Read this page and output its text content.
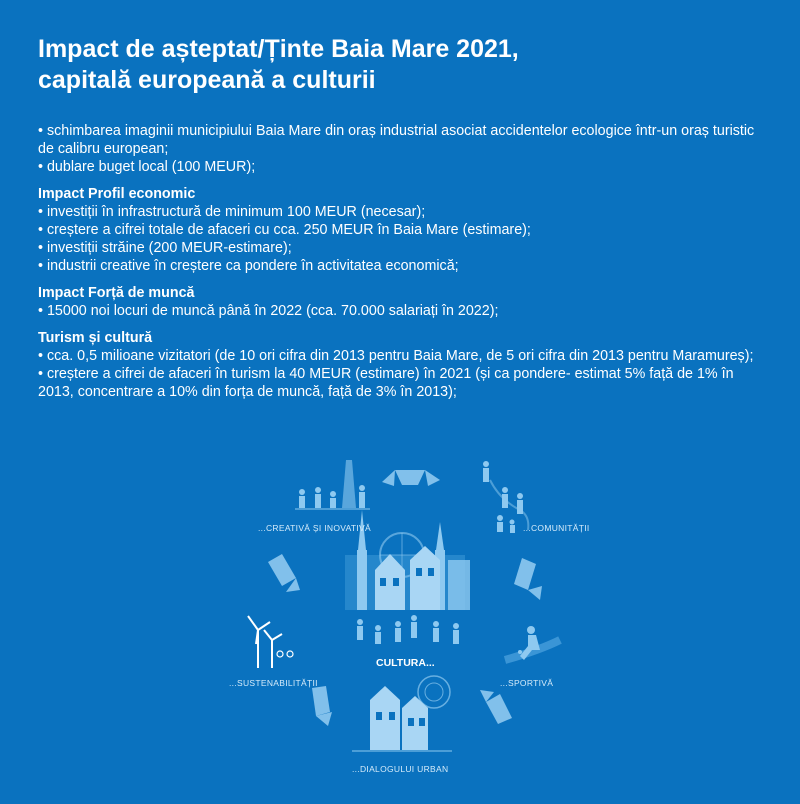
Impact de așteptat/Ținte Baia Mare 2021,
capitală europeană a culturii
• schimbarea imaginii municipiului Baia Mare din oraș industrial asociat accidentelor ecologice într-un oraș turistic de calibru european;
• dublare buget local (100 MEUR);
Impact Profil economic
• investiții în infrastructură de minimum 100 MEUR (necesar);
• creștere a cifrei totale de afaceri cu cca. 250 MEUR în Baia Mare (estimare);
• investiții străine (200 MEUR-estimare);
• industrii creative în creștere ca pondere în activitatea economică;
Impact Forță de muncă
• 15000 noi locuri de muncă până în 2022 (cca. 70.000 salariați în 2022);
Turism și cultură
• cca. 0,5 milioane vizitatori (de 10 ori cifra din 2013 pentru Baia Mare, de 5 ori cifra din 2013 pentru Maramureș);
• creștere a cifrei de afaceri în turism la 40 MEUR (estimare) în 2021 (și ca pondere- estimat 5% față de 1% în 2013, concentrare a 10% din forța de muncă, față de 3% în 2013);
...CREATIVĂ ȘI INOVATIVĂ	...COMUNITĂȚII
...SUSTENABILITĂȚII	...SPORTIVĂ
...DIALOGULUI URBAN
CULTURA...
